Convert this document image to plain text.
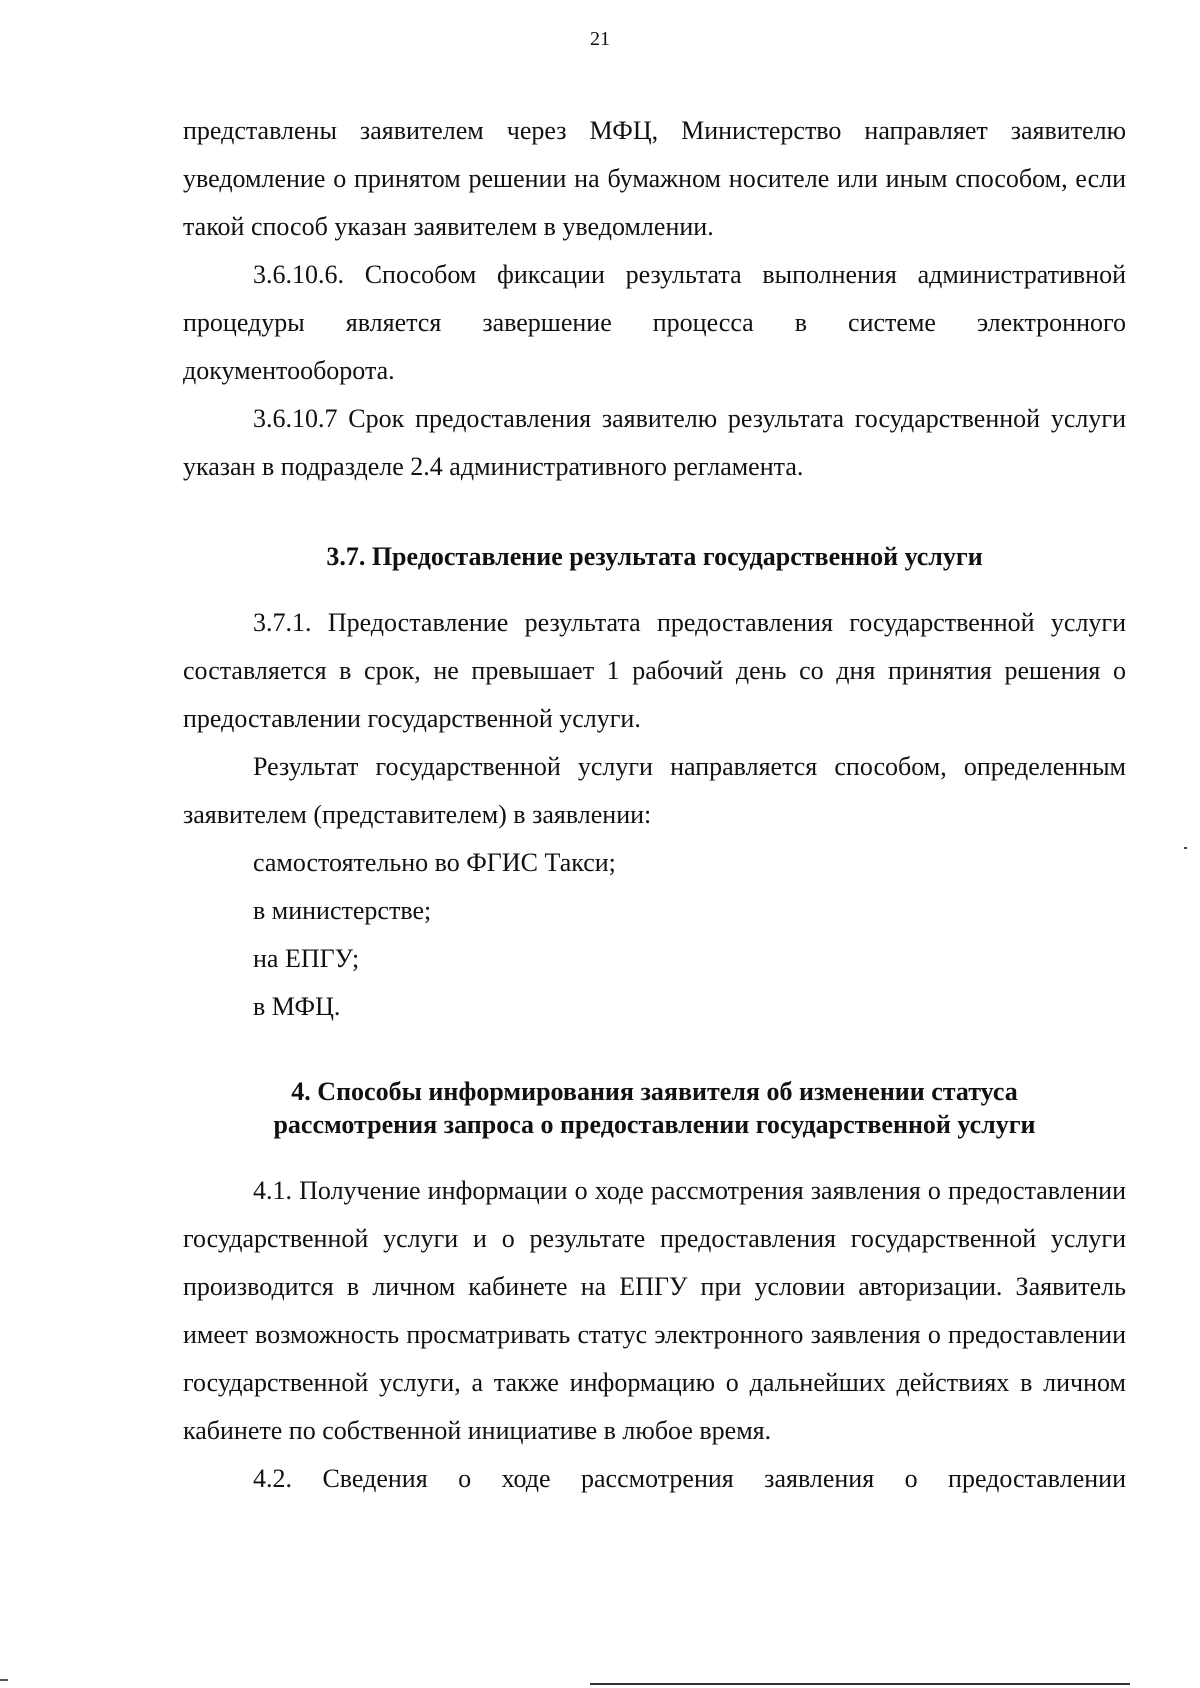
21

представлены заявителем через МФЦ, Министерство направляет заявителю уведомление о принятом решении на бумажном носителе или иным способом, если такой способ указан заявителем в уведомлении.

3.6.10.6. Способом фиксации результата выполнения административной процедуры является завершение процесса в системе электронного документооборота.

3.6.10.7 Срок предоставления заявителю результата государственной услуги указан в подразделе 2.4 административного регламента.

3.7. Предоставление результата государственной услуги

3.7.1. Предоставление результата предоставления государственной услуги составляется в срок, не превышает 1 рабочий день со дня принятия решения о предоставлении государственной услуги.

Результат государственной услуги направляется способом, определенным заявителем (представителем) в заявлении:

самостоятельно во ФГИС Такси;

в министерстве;

на ЕПГУ;

в МФЦ.

4. Способы информирования заявителя об изменении статуса
рассмотрения запроса о предоставлении государственной услуги

4.1. Получение информации о ходе рассмотрения заявления о предоставлении государственной услуги и о результате предоставления государственной услуги производится в личном кабинете на ЕПГУ при условии авторизации. Заявитель имеет возможность просматривать статус электронного заявления о предоставлении государственной услуги, а также информацию о дальнейших действиях в личном кабинете по собственной инициативе в любое время.

4.2. Сведения о ходе рассмотрения заявления о предоставлении
